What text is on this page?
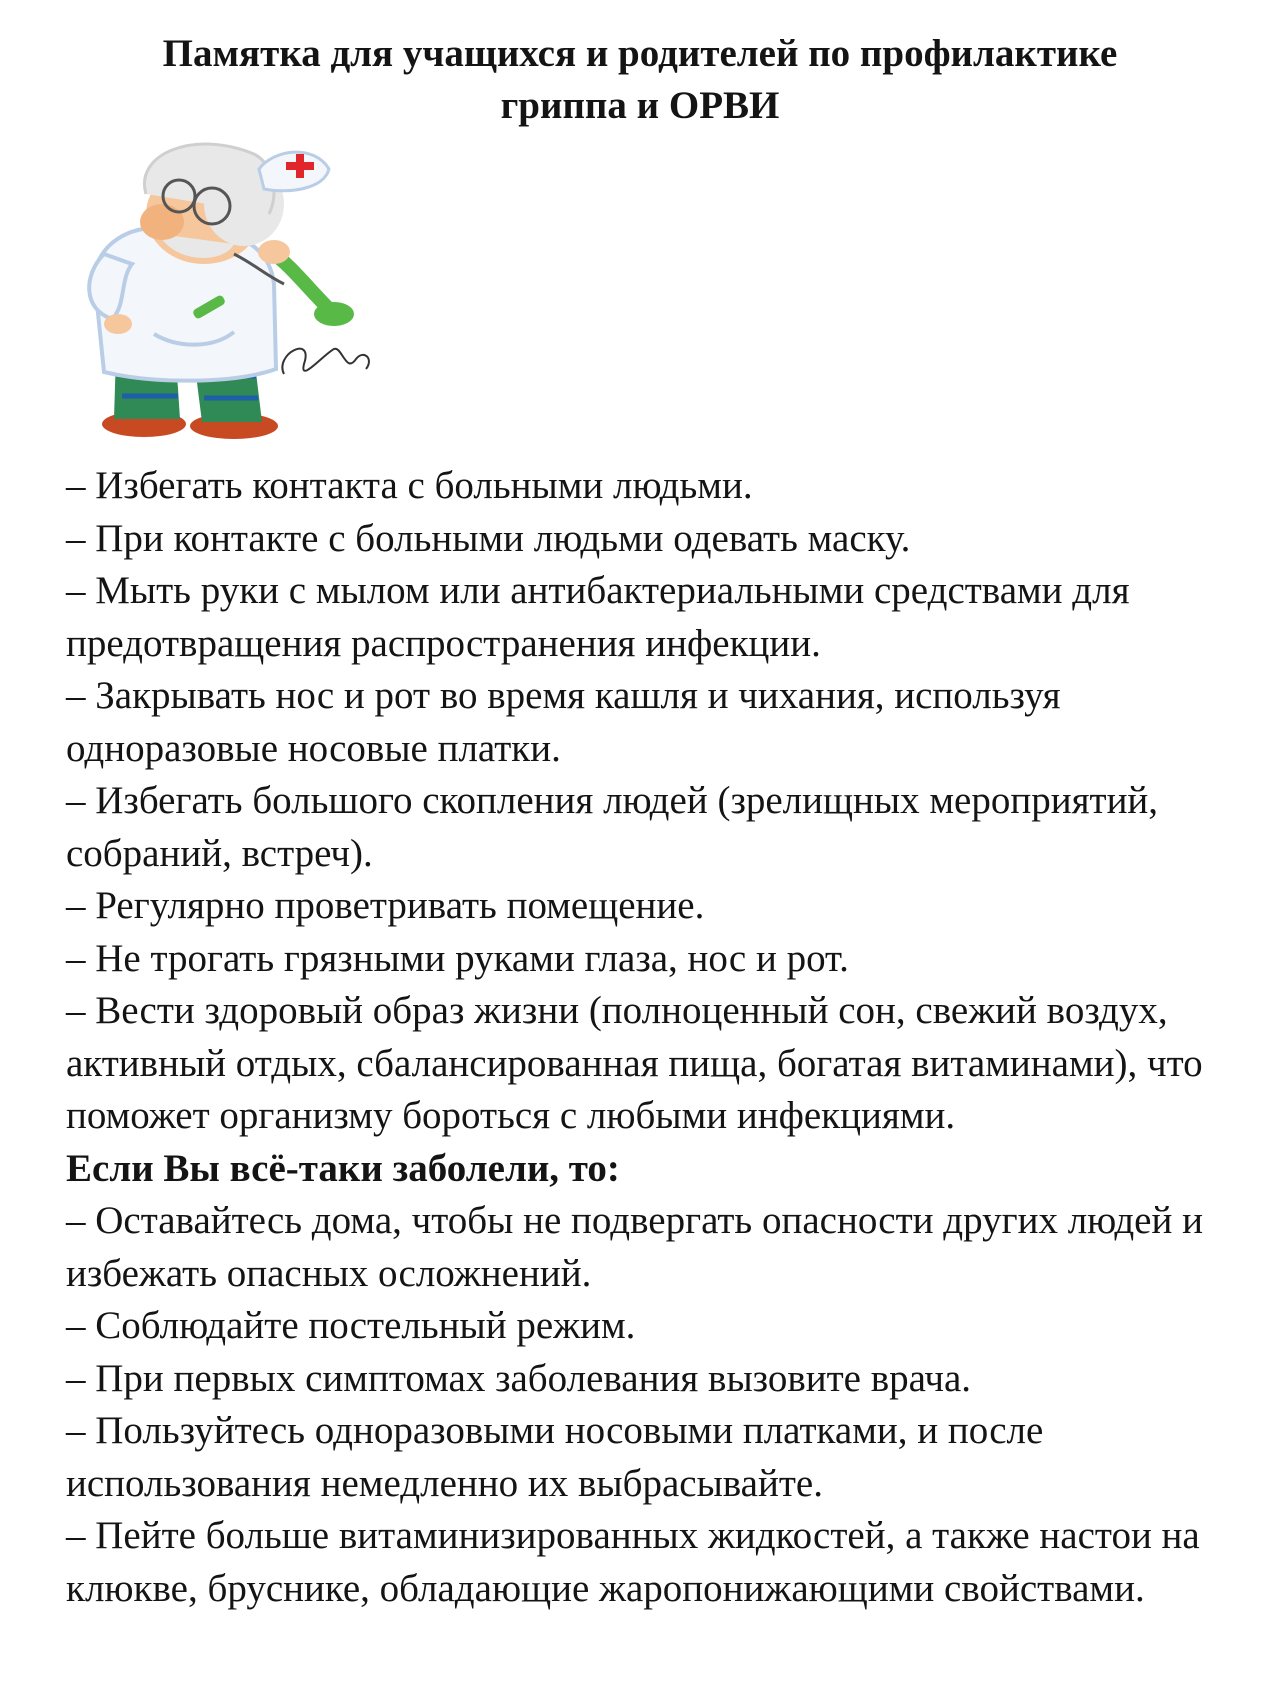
Памятка для учащихся и родителей по профилактике
гриппа и ОРВИ

– Избегать контакта с больными людьми.

– При контакте с больными людьми одевать маску.

– Мыть руки с мылом или антибактериальными средствами для предотвращения распространения инфекции.

– Закрывать нос и рот во время кашля и чихания, используя одноразовые носовые платки.

– Избегать большого скопления людей (зрелищных мероприятий, собраний, встреч).

– Регулярно проветривать помещение.

– Не трогать грязными руками глаза, нос и рот.

– Вести здоровый образ жизни (полноценный сон, свежий воздух, активный отдых, сбалансированная пища, богатая витаминами), что поможет организму бороться с любыми инфекциями.

Если Вы всё-таки заболели, то:

– Оставайтесь дома, чтобы не подвергать опасности других людей и избежать опасных осложнений.

– Соблюдайте постельный режим.

– При первых симптомах заболевания вызовите врача.

– Пользуйтесь одноразовыми носовыми платками, и после использования немедленно их выбрасывайте.

– Пейте больше витаминизированных жидкостей, а также настои на клюкве, бруснике, обладающие жаропонижающими свойствами.
